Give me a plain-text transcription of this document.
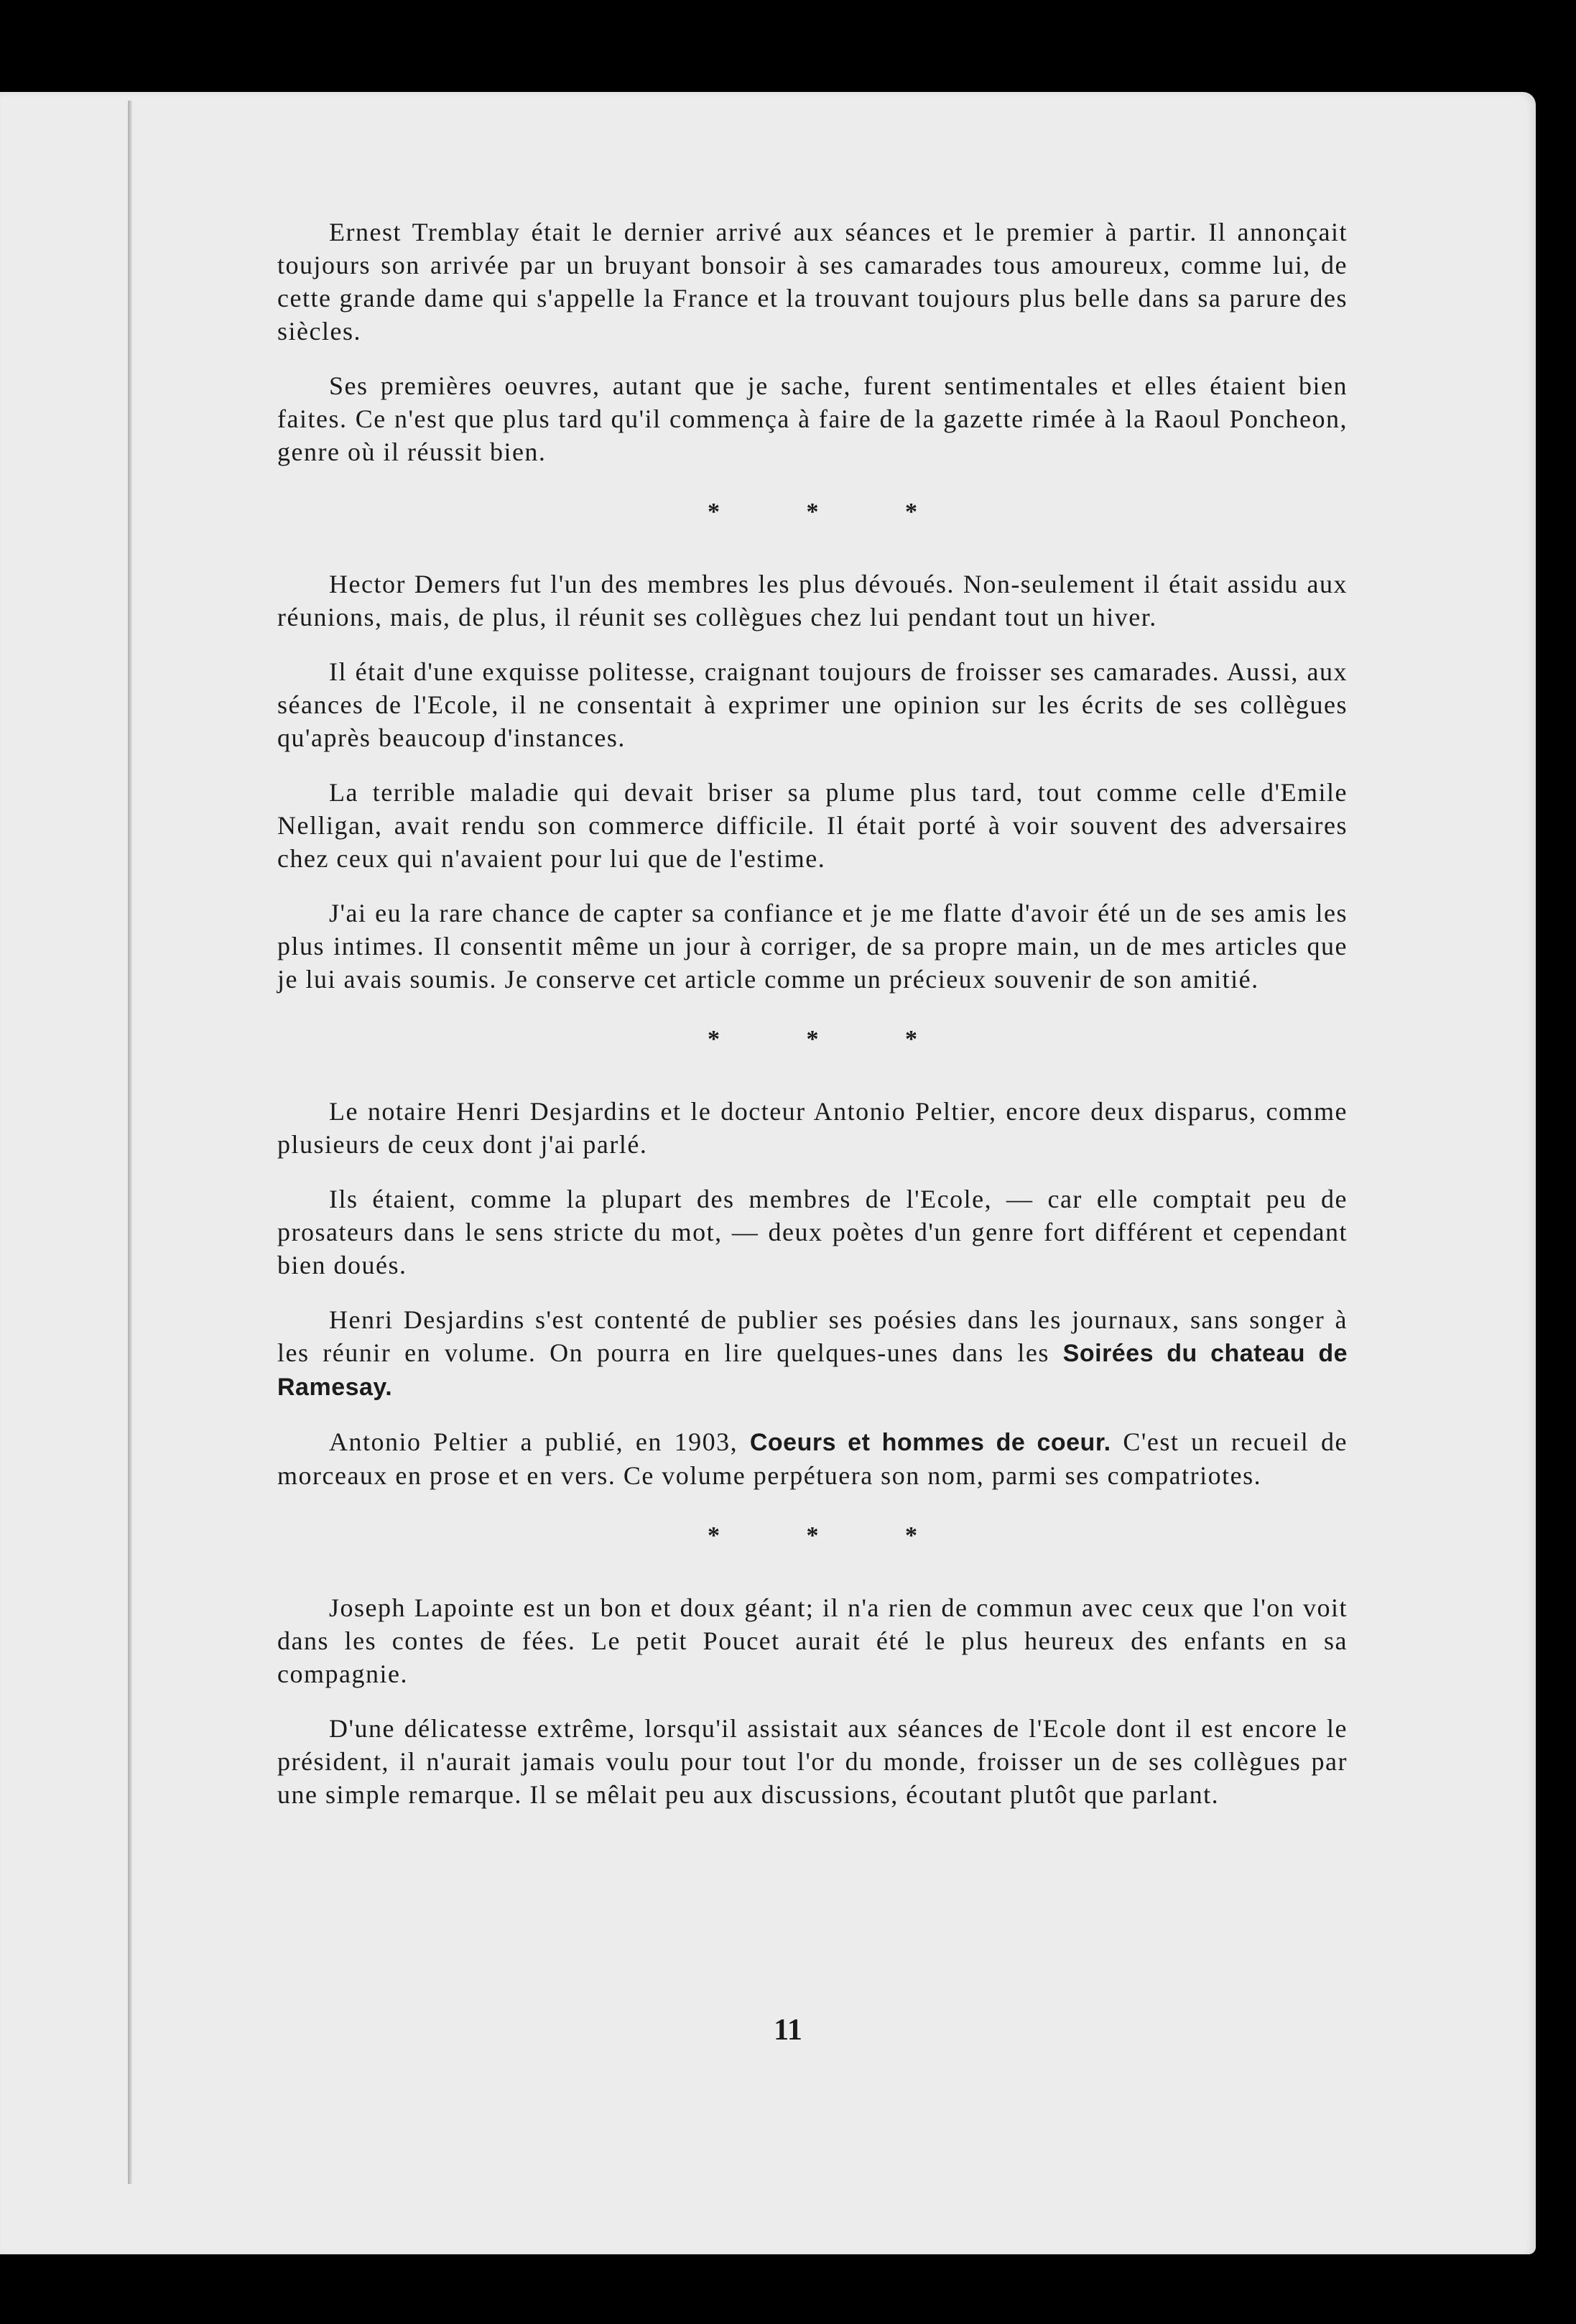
Ernest Tremblay était le dernier arrivé aux séances et le premier à partir. Il annonçait toujours son arrivée par un bruyant bonsoir à ses camarades tous amoureux, comme lui, de cette grande dame qui s'appelle la France et la trouvant toujours plus belle dans sa parure des siècles.

Ses premières oeuvres, autant que je sache, furent sentimentales et elles étaient bien faites. Ce n'est que plus tard qu'il commença à faire de la gazette rimée à la Raoul Poncheon, genre où il réussit bien.

* * *

Hector Demers fut l'un des membres les plus dévoués. Non-seulement il était assidu aux réunions, mais, de plus, il réunit ses collègues chez lui pendant tout un hiver.

Il était d'une exquisse politesse, craignant toujours de froisser ses camarades. Aussi, aux séances de l'Ecole, il ne consentait à exprimer une opinion sur les écrits de ses collègues qu'après beaucoup d'instances.

La terrible maladie qui devait briser sa plume plus tard, tout comme celle d'Emile Nelligan, avait rendu son commerce difficile. Il était porté à voir souvent des adversaires chez ceux qui n'avaient pour lui que de l'estime.

J'ai eu la rare chance de capter sa confiance et je me flatte d'avoir été un de ses amis les plus intimes. Il consentit même un jour à corriger, de sa propre main, un de mes articles que je lui avais soumis. Je conserve cet article comme un précieux souvenir de son amitié.

* * *

Le notaire Henri Desjardins et le docteur Antonio Peltier, encore deux disparus, comme plusieurs de ceux dont j'ai parlé.

Ils étaient, comme la plupart des membres de l'Ecole, — car elle comptait peu de prosateurs dans le sens stricte du mot, — deux poètes d'un genre fort différent et cependant bien doués.

Henri Desjardins s'est contenté de publier ses poésies dans les journaux, sans songer à les réunir en volume. On pourra en lire quelques-unes dans les Soirées du chateau de Ramesay.

Antonio Peltier a publié, en 1903, Coeurs et hommes de coeur. C'est un recueil de morceaux en prose et en vers. Ce volume perpétuera son nom, parmi ses compatriotes.

* * *

Joseph Lapointe est un bon et doux géant; il n'a rien de commun avec ceux que l'on voit dans les contes de fées. Le petit Poucet aurait été le plus heureux des enfants en sa compagnie.

D'une délicatesse extrême, lorsqu'il assistait aux séances de l'Ecole dont il est encore le président, il n'aurait jamais voulu pour tout l'or du monde, froisser un de ses collègues par une simple remarque. Il se mêlait peu aux discussions, écoutant plutôt que parlant.

11
